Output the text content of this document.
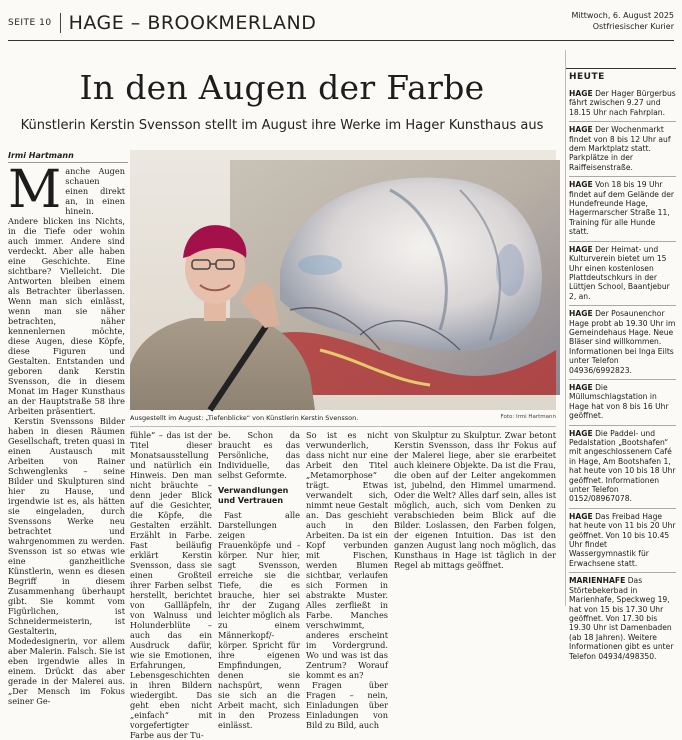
SEITE 10 HAGE – BROOKMERLAND	Mittwoch, 6. August 2025
Ostfriesischer Kurier
In den Augen der Farbe
Künstlerin Kerstin Svensson stellt im August ihre Werke im Hager Kunsthaus aus
Irmi Hartmann

Manche Augen schauen einen direkt an, in einen hinein. Andere blicken ins Nichts, in die Tiefe oder wohin auch immer. Andere sind verdeckt. Aber alle haben eine Geschichte. Eine sichtbare? Vielleicht. Die Antworten bleiben einem als Betrachter überlassen. Wenn man sich einlässt, wenn man sie näher betrachten, näher kennenlernen möchte, diese Augen, diese Köpfe, diese Figuren und Gestalten. Entstanden und geboren dank Kerstin Svensson, die in diesem Monat im Hager Kunsthaus an der Hauptstraße 58 ihre Arbeiten präsentiert.

Kerstin Svenssons Bilder haben in diesen Räumen Gesellschaft, treten quasi in einen Austausch mit Arbeiten von Rainer Schwenglenks – seine Bilder und Skulpturen sind hier zu Hause, und irgendwie ist es, als hätten sie eingeladen, durch Svenssons Werke neu betrachtet und wahrgenommen zu werden. Svensson ist so etwas wie eine ganzheitliche Künstlerin, wenn es diesen Begriff in diesem Zusammenhang überhaupt gibt. Sie kommt vom Figürlichen, ist Schneidermeisterin, ist Gestalterin, Modedesignerin, vor allem aber Malerin. Falsch. Sie ist eben irgendwie alles in einem. Drückt das aber gerade in der Malerei aus. „Der Mensch im Fokus seiner Ge-

Ausgestellt im August: „Tiefenblicke“ von Künstlerin Kerstin Svensson.	Foto: Irmi Hartmann

fühle“ – das ist der Titel dieser Monatsausstellung und natürlich ein Hinweis. Den man nicht bräuchte – denn jeder Blick auf die Gesichter, die Köpfe, die Gestalten erzählt. Erzählt in Farbe. Fast beiläufig erklärt Kerstin Svensson, dass sie einen Großteil ihrer Farben selbst herstellt, berichtet von Gallläpfeln, von Walnuss und Holunderblüte – auch das ein Ausdruck dafür, wie sie Emotionen, Erfahrungen, Lebensgeschichten in ihren Bildern wiedergibt. Das geht eben nicht „einfach“ mit vorgefertigter Farbe aus der Tu-

be. Schon da braucht es das Persönliche, das Individuelle, das selbst Geformte.

Verwandlungen und Vertrauen

Fast alle Darstellungen zeigen Frauenköpfe und -körper. Nur hier, sagt Svensson, erreiche sie die Tiefe, die es brauche, hier sei ihr der Zugang leichter möglich als zu einem Männerkopf/-körper. Spricht für ihre eigenen Empfindungen, denen sie nachspürt, wenn sie sich an die Arbeit macht, sich in den Prozess einlässt.

So ist es nicht verwunderlich, dass nicht nur eine Arbeit den Titel „Metamorphose“ trägt. Etwas verwandelt sich, nimmt neue Gestalt an. Das geschieht auch in den Arbeiten. Da ist ein Kopf verbunden mit Fischen, werden Blumen sichtbar, verlaufen sich Formen in abstrakte Muster. Alles zerfließt in Farbe. Manches verschwimmt, anderes erscheint im Vordergrund. Wo und was ist das Zentrum? Worauf kommt es an?

Fragen über Fragen – nein, Einladungen über Einladungen von Bild zu Bild, auch

von Skulptur zu Skulptur. Zwar betont Kerstin Svensson, dass ihr Fokus auf der Malerei liege, aber sie erarbeitet auch kleinere Objekte. Da ist die Frau, die oben auf der Leiter angekommen ist, jubelnd, den Himmel umarmend. Oder die Welt? Alles darf sein, alles ist möglich, auch, sich vom Denken zu verabschieden beim Blick auf die Bilder. Loslassen, den Farben folgen, der eigenen Intuition. Das ist den ganzen August lang noch möglich, das Kunsthaus in Hage ist täglich in der Regel ab mittags geöffnet.

HEUTE
HAGE Der Hager Bürgerbus fährt zwischen 9.27 und 18.15 Uhr nach Fahrplan.
HAGE Der Wochenmarkt findet von 8 bis 12 Uhr auf dem Marktplatz statt. Parkplätze in der Raiffeisenstraße.
HAGE Von 18 bis 19 Uhr findet auf dem Gelände der Hundefreunde Hage, Hagermarscher Straße 11, Training für alle Hunde statt.
HAGE Der Heimat- und Kulturverein bietet um 15 Uhr einen kostenlosen Plattdeutschkurs in der Lüttjen School, Baantjebur 2, an.
HAGE Der Posaunenchor Hage probt ab 19.30 Uhr im Gemeindehaus Hage. Neue Bläser sind willkommen. Informationen bei Inga Eilts unter Telefon 04936/6992823.
HAGE Die Müllumschlagstation in Hage hat von 8 bis 16 Uhr geöffnet.
HAGE Die Paddel- und Pedalstation „Bootshafen“ mit angeschlossenem Café in Hage, Am Bootshafen 1, hat heute von 10 bis 18 Uhr geöffnet. Informationen unter Telefon 0152/08967078.
HAGE Das Freibad Hage hat heute von 11 bis 20 Uhr geöffnet. Von 10 bis 10.45 Uhr findet Wassergymnastik für Erwachsene statt.
MARIENHAFE Das Störtebekerbad in Marienhafe, Speckweg 19, hat von 15 bis 17.30 Uhr geöffnet. Von 17.30 bis 19.30 Uhr ist Damenbaden (ab 18 Jahren). Weitere Informationen gibt es unter Telefon 04934/498350.
